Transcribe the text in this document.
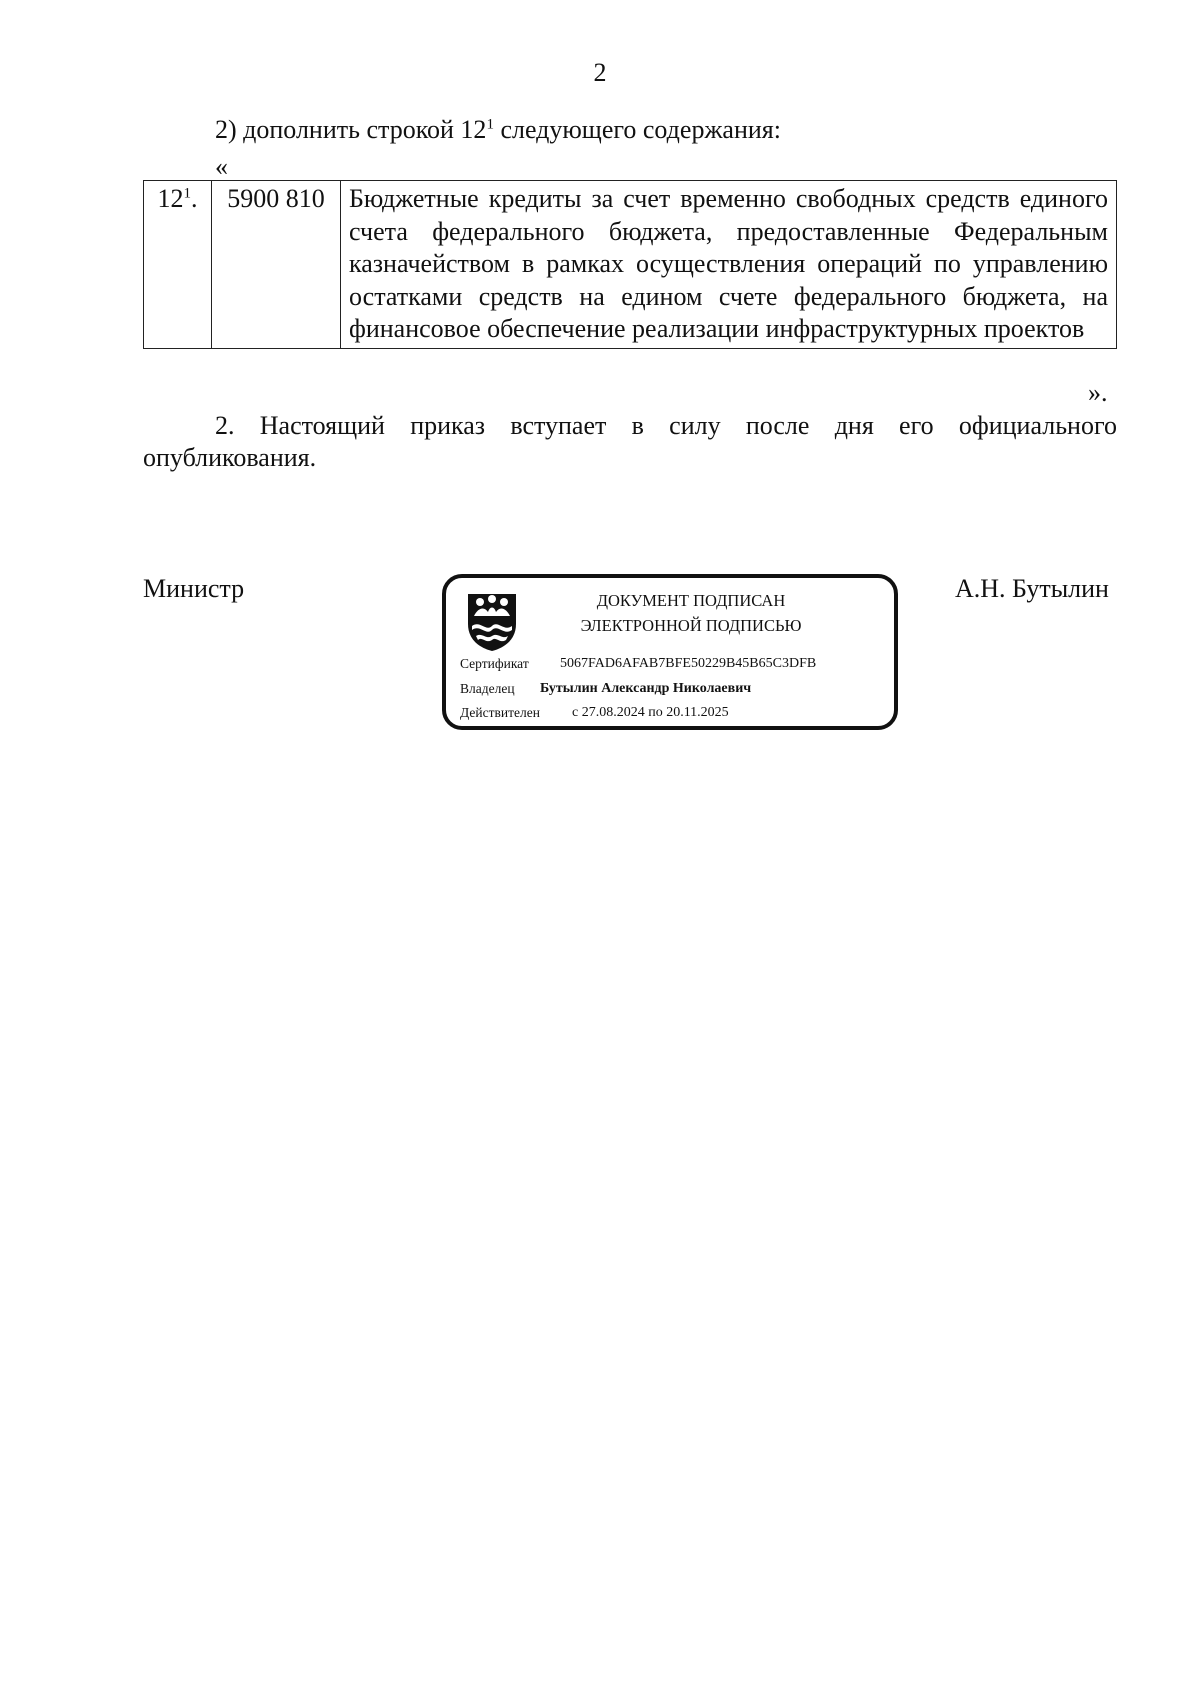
2
2) дополнить строкой $12^1$ следующего содержания:
«
$12^1$.	5900 810	Бюджетные кредиты за счет временно свободных средств единого счета федерального бюджета, предоставленные Федеральным казначейством в рамках осуществления операций по управлению остатками средств на едином счете федерального бюджета, на финансовое обеспечение реализации инфраструктурных проектов
».

2. Настоящий приказ вступает в силу после дня его официального опубликования.

Министр	ДОКУМЕНТ ПОДПИСАН
ЭЛЕКТРОННОЙ ПОДПИСЬЮ
Сертификат 5067FAD6AFAB7BFE50229B45B65C3DFB
Владелец Бутылин Александр Николаевич
Действителен с 27.08.2024 по 20.11.2025
А.Н. Бутылин
